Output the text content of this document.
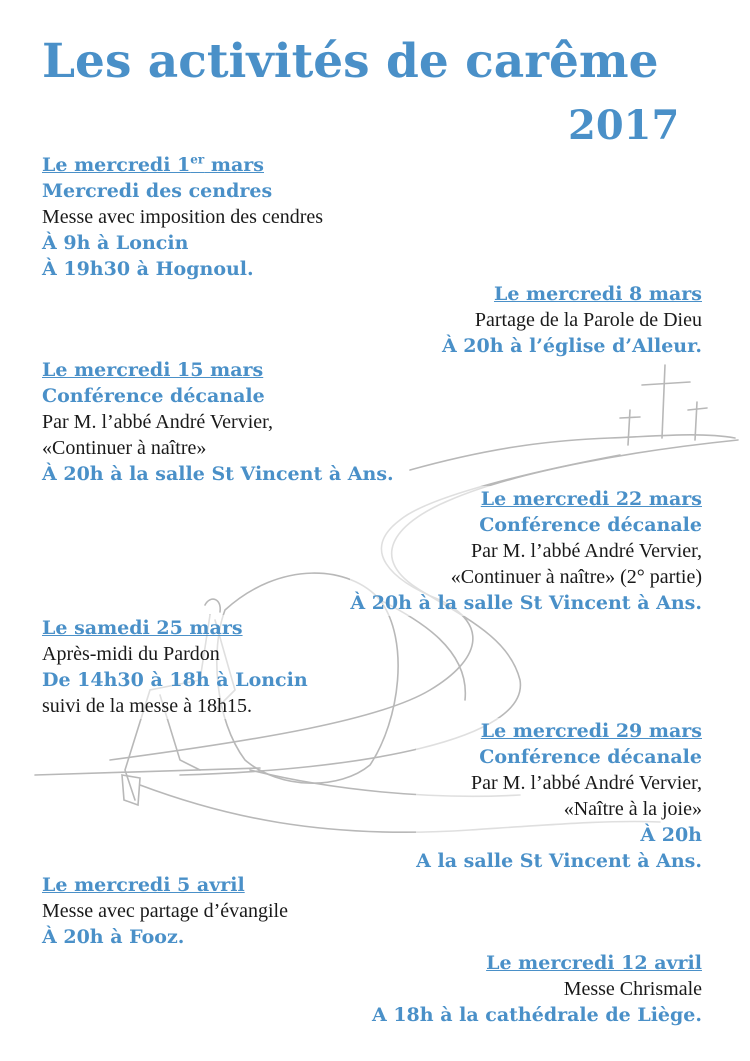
Les activités de carême
2017
Le mercredi 1er mars
Mercredi des cendres
Messe avec imposition des cendres
À 9h à Loncin
À 19h30 à Hognoul.
Le mercredi 8 mars
Partage de la Parole de Dieu
À 20h à l’église d’Alleur.
Le mercredi 15 mars
Conférence décanale
Par M. l’abbé André Vervier,
«Continuer à naître»
À 20h à la salle St Vincent à Ans.
Le mercredi 22 mars
Conférence décanale
Par M. l’abbé André Vervier,
«Continuer à naître» (2° partie)
À 20h à la salle St Vincent à Ans.
Le samedi 25 mars
Après-midi du Pardon
De 14h30 à 18h à Loncin
suivi de la messe à 18h15.
Le mercredi 29 mars
Conférence décanale
Par M. l’abbé André Vervier,
«Naître à la joie»
À 20h
A la salle St Vincent à Ans.
Le mercredi 5 avril
Messe avec partage d’évangile
À 20h à Fooz.
Le mercredi 12 avril
Messe Chrismale
A 18h à la cathédrale de Liège.
